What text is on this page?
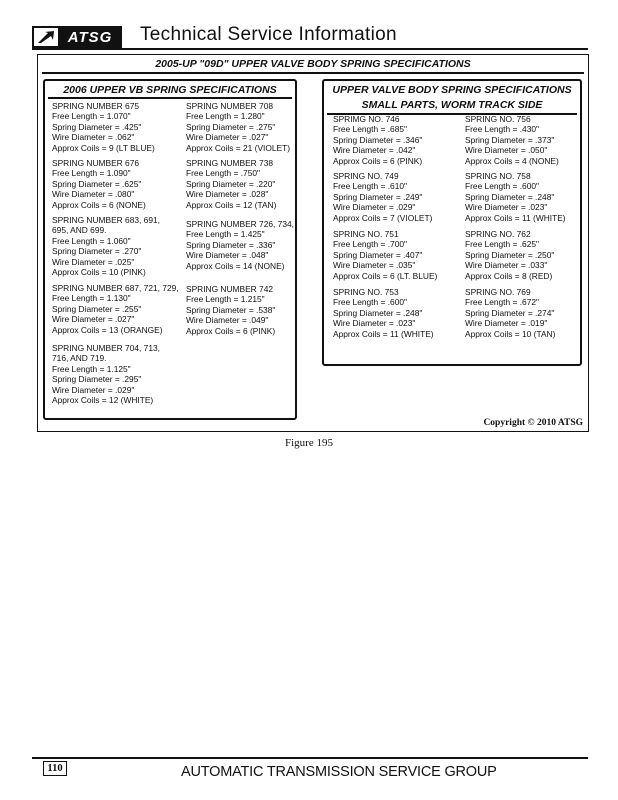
ATSG	Technical Service Information
2005-UP "09D" UPPER VALVE BODY SPRING SPECIFICATIONS
2006 UPPER VB SPRING SPECIFICATIONS
SPRING NUMBER 675
Free Length = 1.070"
Spring Diameter = .425"
Wire Diameter = .062"
Approx Coils = 9 (LT BLUE)
SPRING NUMBER 676
Free Length = 1.090"
Spring Diameter = .625"
Wire Diameter = .080"
Approx Coils = 6 (NONE)
SPRING NUMBER 683, 691,
695, AND 699.
Free Length = 1.060"
Spring Diameter = .270"
Wire Diameter = .025"
Approx Coils = 10 (PINK)
SPRING NUMBER 687, 721, 729,
Free Length = 1.130"
Spring Diameter = .255"
Wire Diameter = .027"
Approx Coils = 13 (ORANGE)
SPRING NUMBER 704, 713,
716, AND 719.
Free Length = 1.125"
Spring Diameter = .295"
Wire Diameter = .029"
Approx Coils = 12 (WHITE)
SPRING NUMBER 708
Free Length = 1.280"
Spring Diameter = .275"
Wire Diameter = .027"
Approx Coils = 21 (VIOLET)
SPRING NUMBER 738
Free Length = .750"
Spring Diameter = .220"
Wire Diameter = .028"
Approx Coils = 12 (TAN)
SPRING NUMBER 726, 734,
Free Length = 1.425"
Spring Diameter = .336"
Wire Diameter = .048"
Approx Coils = 14 (NONE)
SPRING NUMBER 742
Free Length = 1.215"
Spring Diameter = .538"
Wire Diameter = .049"
Approx Coils = 6 (PINK)
UPPER VALVE BODY SPRING SPECIFICATIONS
SMALL PARTS, WORM TRACK SIDE
SPRIMG NO. 746
Free Length = .685"
Spring Diameter = .346"
Wire Diameter = .042"
Approx Coils = 6 (PINK)
SPRING NO. 749
Free Length = .610"
Spring Diameter = .249"
Wire Diameter = .029"
Approx Coils = 7 (VIOLET)
SPRING NO. 751
Free Length = .700"
Spring Diameter = .407"
Wire Diameter = .035"
Approx Coils = 6 (LT. BLUE)
SPRING NO. 753
Free Length = .600"
Spring Diameter = .248"
Wire Diameter = .023"
Approx Coils = 11 (WHITE)
SPRING NO. 756
Free Length = .430"
Spring Diameter = .373"
Wire Diameter = .050"
Approx Coils = 4 (NONE)
SPRING NO. 758
Free Length = .600"
Spring Diameter = .248"
Wire Diameter = .023"
Approx Coils = 11 (WHITE)
SPRING NO. 762
Free Length = .625"
Spring Diameter = .250"
Wire Diameter = .033"
Approx Coils = 8 (RED)
SPRING NO. 769
Free Length = .672"
Spring Diameter = .274"
Wire Diameter = .019"
Approx Coils = 10 (TAN)
Copyright © 2010 ATSG
Figure 195
110	AUTOMATIC TRANSMISSION SERVICE GROUP
